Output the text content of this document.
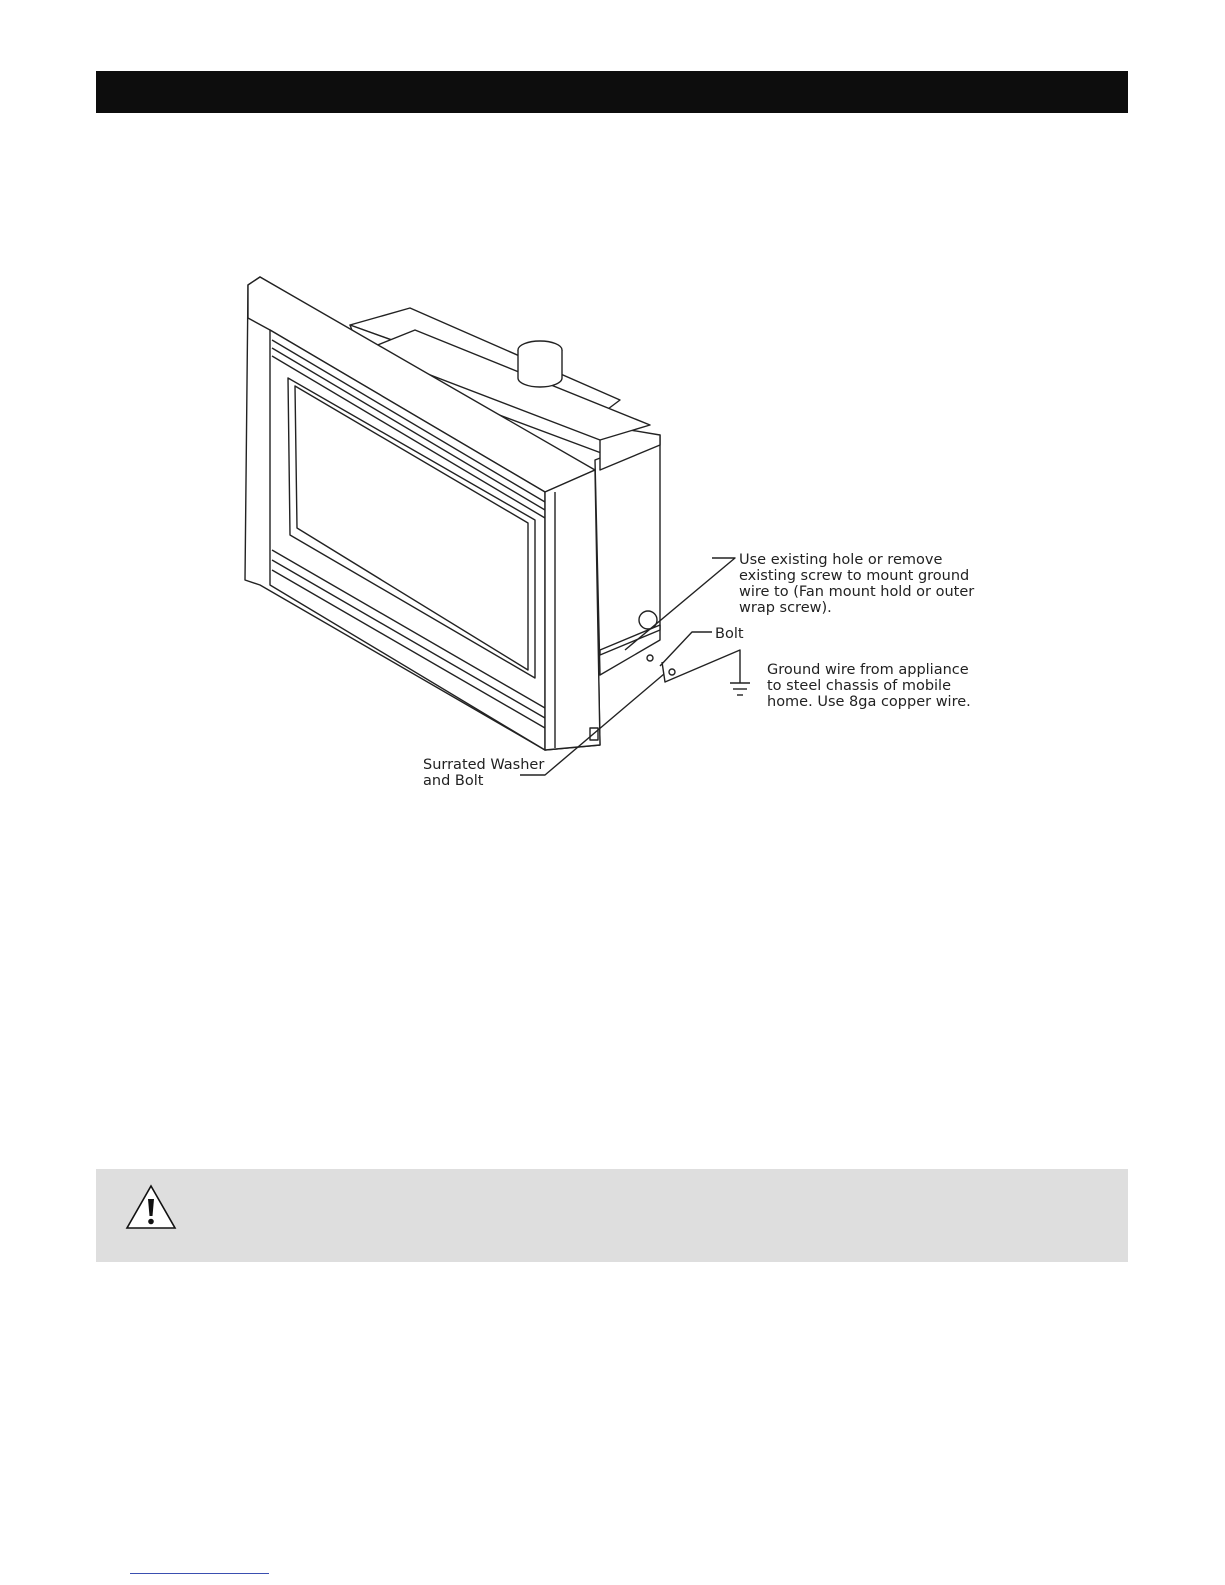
Use existing hole or remove
existing screw to mount ground
wire to (Fan mount hold or outer
wrap screw).
Bolt
Ground wire from appliance
to steel chassis of mobile
home. Use 8ga copper wire.
Surrated Washer
and Bolt
